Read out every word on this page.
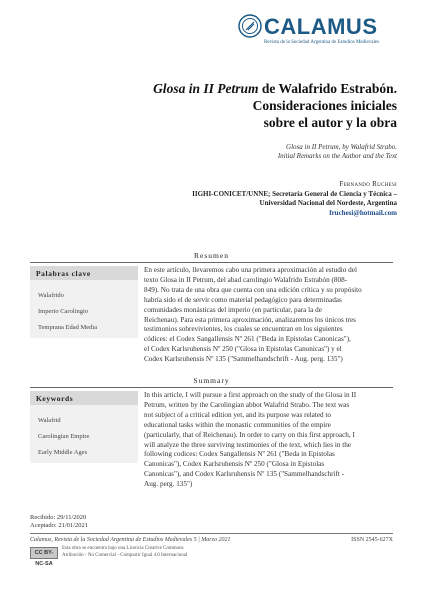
CALAMUS
Revista de la Sociedad Argentina de Estudios Medievales
Glosa in II Petrum de Walafrido Estrabón.
Consideraciones iniciales
sobre el autor y la obra
Glosa in II Petrum, by Walafrid Strabo.
Initial Remarks on the Author and the Text
Fernando Ruchesi
IIGHI-CONICET/UNNE; Secretaría General de Ciencia y Técnica –
Universidad Nacional del Nordeste, Argentina
fruchesi@hotmail.com
Resumen
Palabras clave
Walafrido
Imperio Carolingio
Temprana Edad Media
En este artículo, llevaremos cabo una primera aproximación al estudio del
texto Glosa in II Petrum, del abad carolingio Walafrido Estrabón (808-
849). No trata de una obra que cuenta con una edición crítica y su propósito
habría sido el de servir como material pedagógico para determinadas
comunidades monásticas del imperio (en particular, para la de
Reichenau). Para esta primera aproximación, analizaremos los únicos tres
testimonios sobrevivientes, los cuales se encuentran en los siguientes
códices: el Codex Sangallensis Nº 261 ("Beda in Epistolas Canonicas"),
el Codex Karlsruhensis Nº 250 ("Glosa in Epistolas Canonicas") y el
Codex Karlsruhensis Nº 135 ("Sammelhandschrift - Aug. perg. 135")
Summary
Keywords
Walafrid
Carolingian Empire
Early Middle Ages
In this article, I will pursue a first approach on the study of the Glosa in II
Petrum, written by the Carolingian abbot Walafrid Strabo. The text was
not subject of a critical edition yet, and its purpose was related to
educational tasks within the monastic communities of the empire
(particularly, that of Reichenau). In order to carry on this first approach, I
will analyze the three surviving testimonies of the text, which lies in the
following codices: Codex Sangallensis Nº 261 ("Beda in Epistolas
Canonicas"), Codex Karlsruhensis Nº 250 ("Glosa in Epistolas
Canonicas"), and Codex Karlsruhensis Nº 135 ("Sammelhandschrift -
Aug. perg. 135")
Recibido: 29/11/2020
Aceptado: 21/01/2021
Calamus, Revista de la Sociedad Argentina de Estudios Medievales 5 | Marzo 2021	ISSN 2545-627X
CC BY-NC-SA
Esta obra se encuentra bajo una Licencia Creative Commons
Atribución - No Comercial - Compartir Igual 4.0 Internacional
